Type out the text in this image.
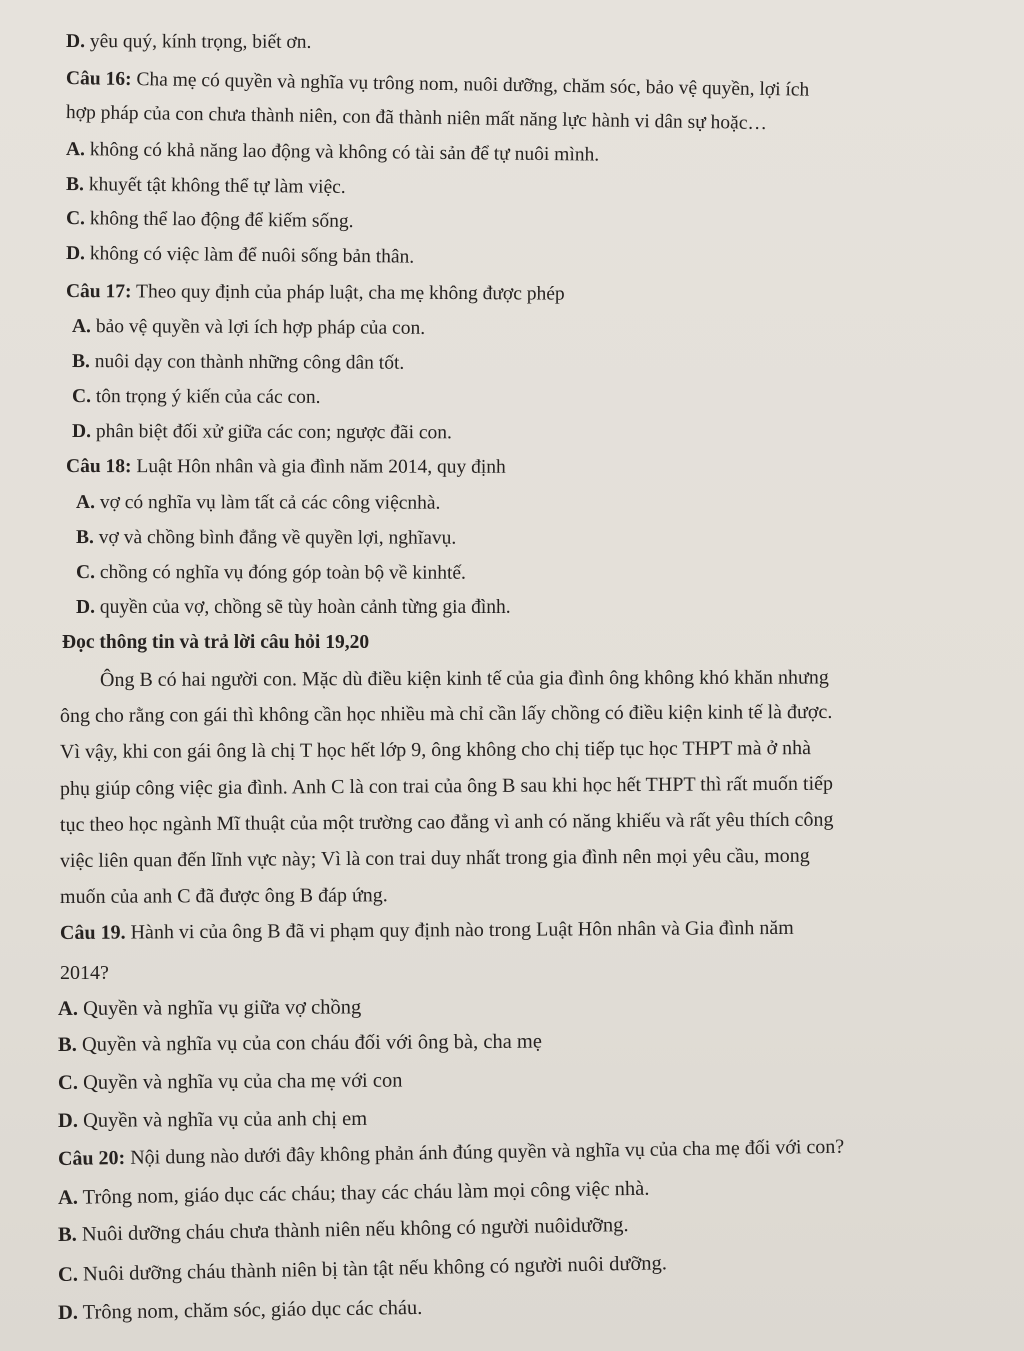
D. yêu quý, kính trọng, biết ơn.
Câu 16: Cha mẹ có quyền và nghĩa vụ trông nom, nuôi dưỡng, chăm sóc, bảo vệ quyền, lợi ích
hợp pháp của con chưa thành niên, con đã thành niên mất năng lực hành vi dân sự hoặc…
A. không có khả năng lao động và không có tài sản để tự nuôi mình.
B. khuyết tật không thể tự làm việc.
C. không thể lao động để kiếm sống.
D. không có việc làm để nuôi sống bản thân.
Câu 17: Theo quy định của pháp luật, cha mẹ không được phép
A. bảo vệ quyền và lợi ích hợp pháp của con.
B. nuôi dạy con thành những công dân tốt.
C. tôn trọng ý kiến của các con.
D. phân biệt đối xử giữa các con; ngược đãi con.
Câu 18: Luật Hôn nhân và gia đình năm 2014, quy định
A. vợ có nghĩa vụ làm tất cả các công việcnhà.
B. vợ và chồng bình đẳng về quyền lợi, nghĩavụ.
C. chồng có nghĩa vụ đóng góp toàn bộ về kinhtế.
D. quyền của vợ, chồng sẽ tùy hoàn cảnh từng gia đình.
Đọc thông tin và trả lời câu hỏi 19,20
Ông B có hai người con. Mặc dù điều kiện kinh tế của gia đình ông không khó khăn nhưng
ông cho rằng con gái thì không cần học nhiều mà chỉ cần lấy chồng có điều kiện kinh tế là được.
Vì vậy, khi con gái ông là chị T học hết lớp 9, ông không cho chị tiếp tục học THPT mà ở nhà
phụ giúp công việc gia đình. Anh C là con trai của ông B sau khi học hết THPT thì rất muốn tiếp
tục theo học ngành Mĩ thuật của một trường cao đẳng vì anh có năng khiếu và rất yêu thích công
việc liên quan đến lĩnh vực này; Vì là con trai duy nhất trong gia đình nên mọi yêu cầu, mong
muốn của anh C đã được ông B đáp ứng.
Câu 19. Hành vi của ông B đã vi phạm quy định nào trong Luật Hôn nhân và Gia đình năm
2014?
A. Quyền và nghĩa vụ giữa vợ chồng
B. Quyền và nghĩa vụ của con cháu đối với ông bà, cha mẹ
C. Quyền và nghĩa vụ của cha mẹ với con
D. Quyền và nghĩa vụ của anh chị em
Câu 20: Nội dung nào dưới đây không phản ánh đúng quyền và nghĩa vụ của cha mẹ đối với con?
A. Trông nom, giáo dục các cháu; thay các cháu làm mọi công việc nhà.
B. Nuôi dưỡng cháu chưa thành niên nếu không có người nuôidưỡng.
C. Nuôi dưỡng cháu thành niên bị tàn tật nếu không có người nuôi dưỡng.
D. Trông nom, chăm sóc, giáo dục các cháu.
